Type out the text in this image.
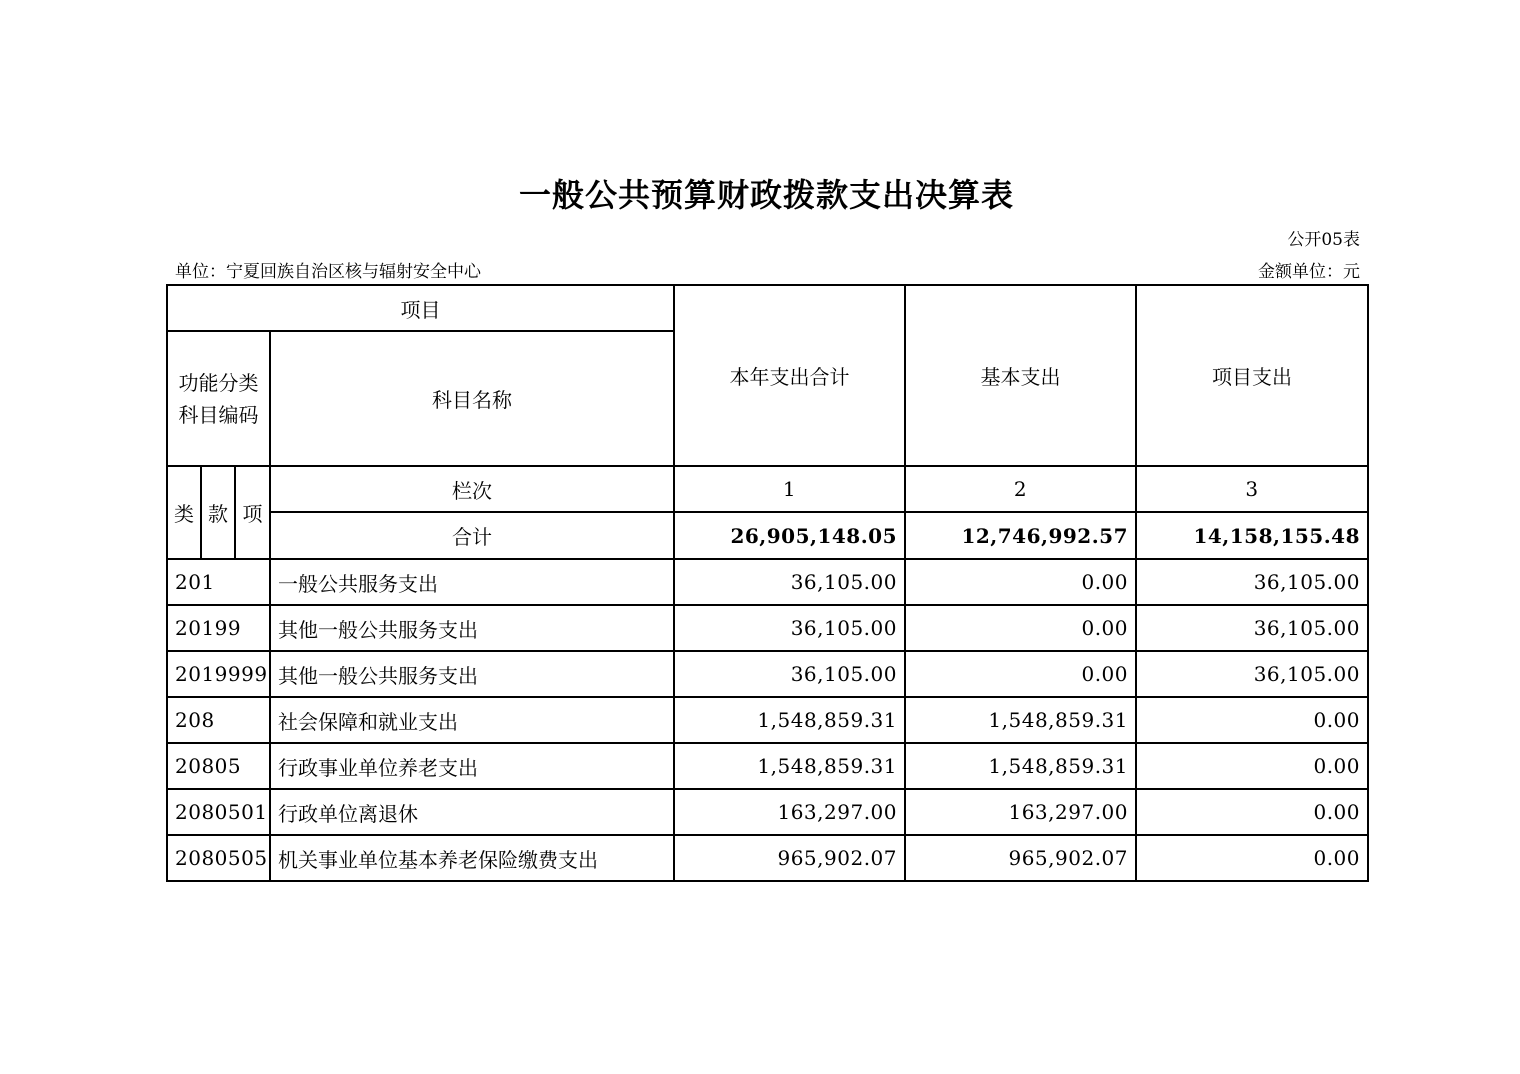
一般公共预算财政拨款支出决算表
公开05表
单位：宁夏回族自治区核与辐射安全中心	金额单位：元
项目				本年支出合计	基本支出	项目支出
功能分类科目编码			科目名称			
类	款	项	栏次	1	2	3
			合计	26,905,148.05	12,746,992.57	14,158,155.48
201			一般公共服务支出	36,105.00	0.00	36,105.00
20199			其他一般公共服务支出	36,105.00	0.00	36,105.00
2019999			其他一般公共服务支出	36,105.00	0.00	36,105.00
208			社会保障和就业支出	1,548,859.31	1,548,859.31	0.00
20805			行政事业单位养老支出	1,548,859.31	1,548,859.31	0.00
2080501			行政单位离退休	163,297.00	163,297.00	0.00
2080505			机关事业单位基本养老保险缴费支出	965,902.07	965,902.07	0.00
